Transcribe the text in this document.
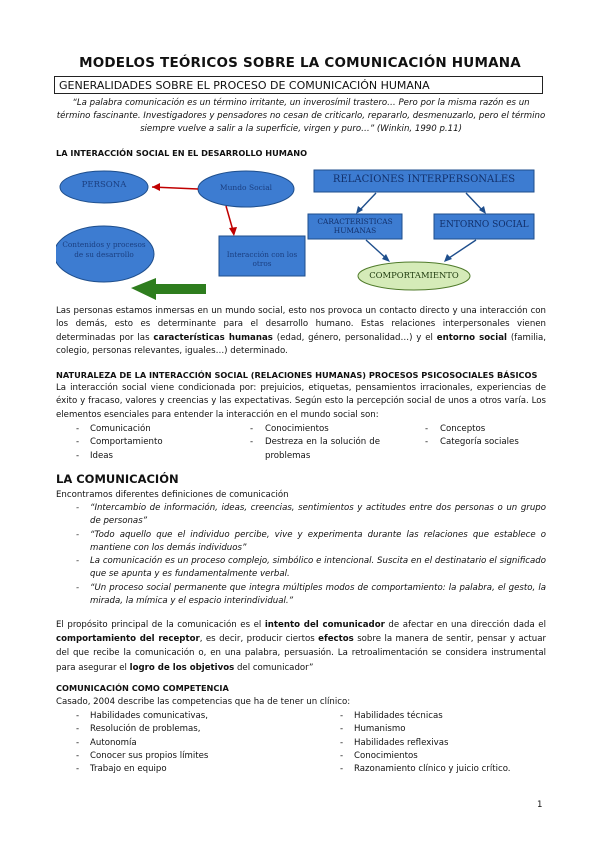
MODELOS TEÓRICOS SOBRE LA COMUNICACIÓN HUMANA
GENERALIDADES SOBRE EL PROCESO DE COMUNICACIÓN HUMANA
“La palabra comunicación es un término irritante, un inverosímil trastero… Pero por la misma razón es un término fascinante. Investigadores y pensadores no cesan de criticarlo, repararlo, desmenuzarlo, pero el término siempre vuelve a salir a la superficie, virgen y puro…” (Winkin, 1990 p.11)
LA INTERACCIÓN SOCIAL EN EL DESARROLLO HUMANO
PERSONA	Mundo Social
Contenidos y procesos de su desarrollo	Interacción con los otros
RELACIONES INTERPERSONALES
CARACTERISTICAS HUMANAS
ENTORNO SOCIAL
COMPORTAMIENTO
Las personas estamos inmersas en un mundo social, esto nos provoca un contacto directo y una interacción con los demás, esto es determinante para el desarrollo humano. Estas relaciones interpersonales vienen determinadas por las características humanas (edad, género, personalidad…) y el entorno social (familia, colegio, personas relevantes, iguales…) determinado.
NATURALEZA DE LA INTERACCIÓN SOCIAL (RELACIONES HUMANAS) PROCESOS PSICOSOCIALES BÁSICOS
La interacción social viene condicionada por: prejuicios, etiquetas, pensamientos irracionales, experiencias de éxito y fracaso, valores y creencias y las expectativas. Según esto la percepción social de unos a otros varía. Los elementos esenciales para entender la interacción en el mundo social son:
- Comunicación
- Comportamiento
- Ideas
- Conocimientos
- Destreza en la solución de problemas
- Conceptos
- Categoría sociales
LA COMUNICACIÓN
Encontramos diferentes definiciones de comunicación
- “Intercambio de información, ideas, creencias, sentimientos y actitudes entre dos personas o un grupo de personas”
- “Todo aquello que el individuo percibe, vive y experimenta durante las relaciones que establece o mantiene con los demás individuos”
- La comunicación es un proceso complejo, simbólico e intencional. Suscita en el destinatario el significado que se apunta y es fundamentalmente verbal.
- “Un proceso social permanente que integra múltiples modos de comportamiento: la palabra, el gesto, la mirada, la mímica y el espacio interindividual.”
El propósito principal de la comunicación es el intento del comunicador de afectar en una dirección dada el comportamiento del receptor, es decir, producir ciertos efectos sobre la manera de sentir, pensar y actuar del que recibe la comunicación o, en una palabra, persuasión. La retroalimentación se considera instrumental para asegurar el logro de los objetivos del comunicador”
COMUNICACIÓN COMO COMPETENCIA
Casado, 2004 describe las competencias que ha de tener un clínico:
- Habilidades comunicativas,
- Resolución de problemas,
- Autonomía
- Conocer sus propios límites
- Trabajo en equipo
- Habilidades técnicas
- Humanismo
- Habilidades reflexivas
- Conocimientos
- Razonamiento clínico y juicio crítico.
1
